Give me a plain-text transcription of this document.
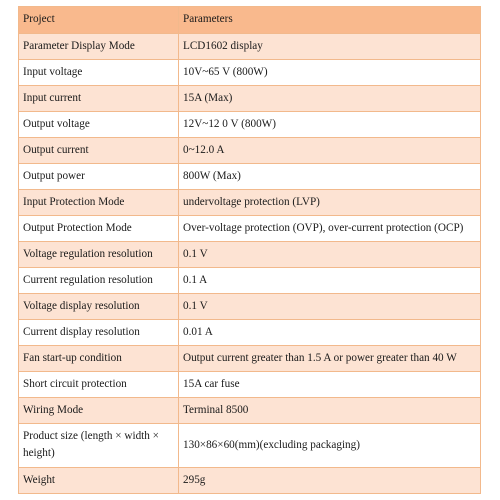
Project	Parameters
Parameter Display Mode	LCD1602 display
Input voltage	10V~65 V (800W)
Input current	15A (Max)
Output voltage	12V~12 0 V (800W)
Output current	0~12.0 A
Output power	800W (Max)
Input Protection Mode	undervoltage protection (LVP)
Output Protection Mode	Over-voltage protection (OVP), over-current protection (OCP)
Voltage regulation resolution	0.1 V
Current regulation resolution	0.1 A
Voltage display resolution	0.1 V
Current display resolution	0.01 A
Fan start-up condition	Output current greater than 1.5 A or power greater than 40 W
Short circuit protection	15A car fuse
Wiring Mode	Terminal 8500
Product size (length × width × height)	130×86×60(mm)(excluding packaging)
Weight	295g
